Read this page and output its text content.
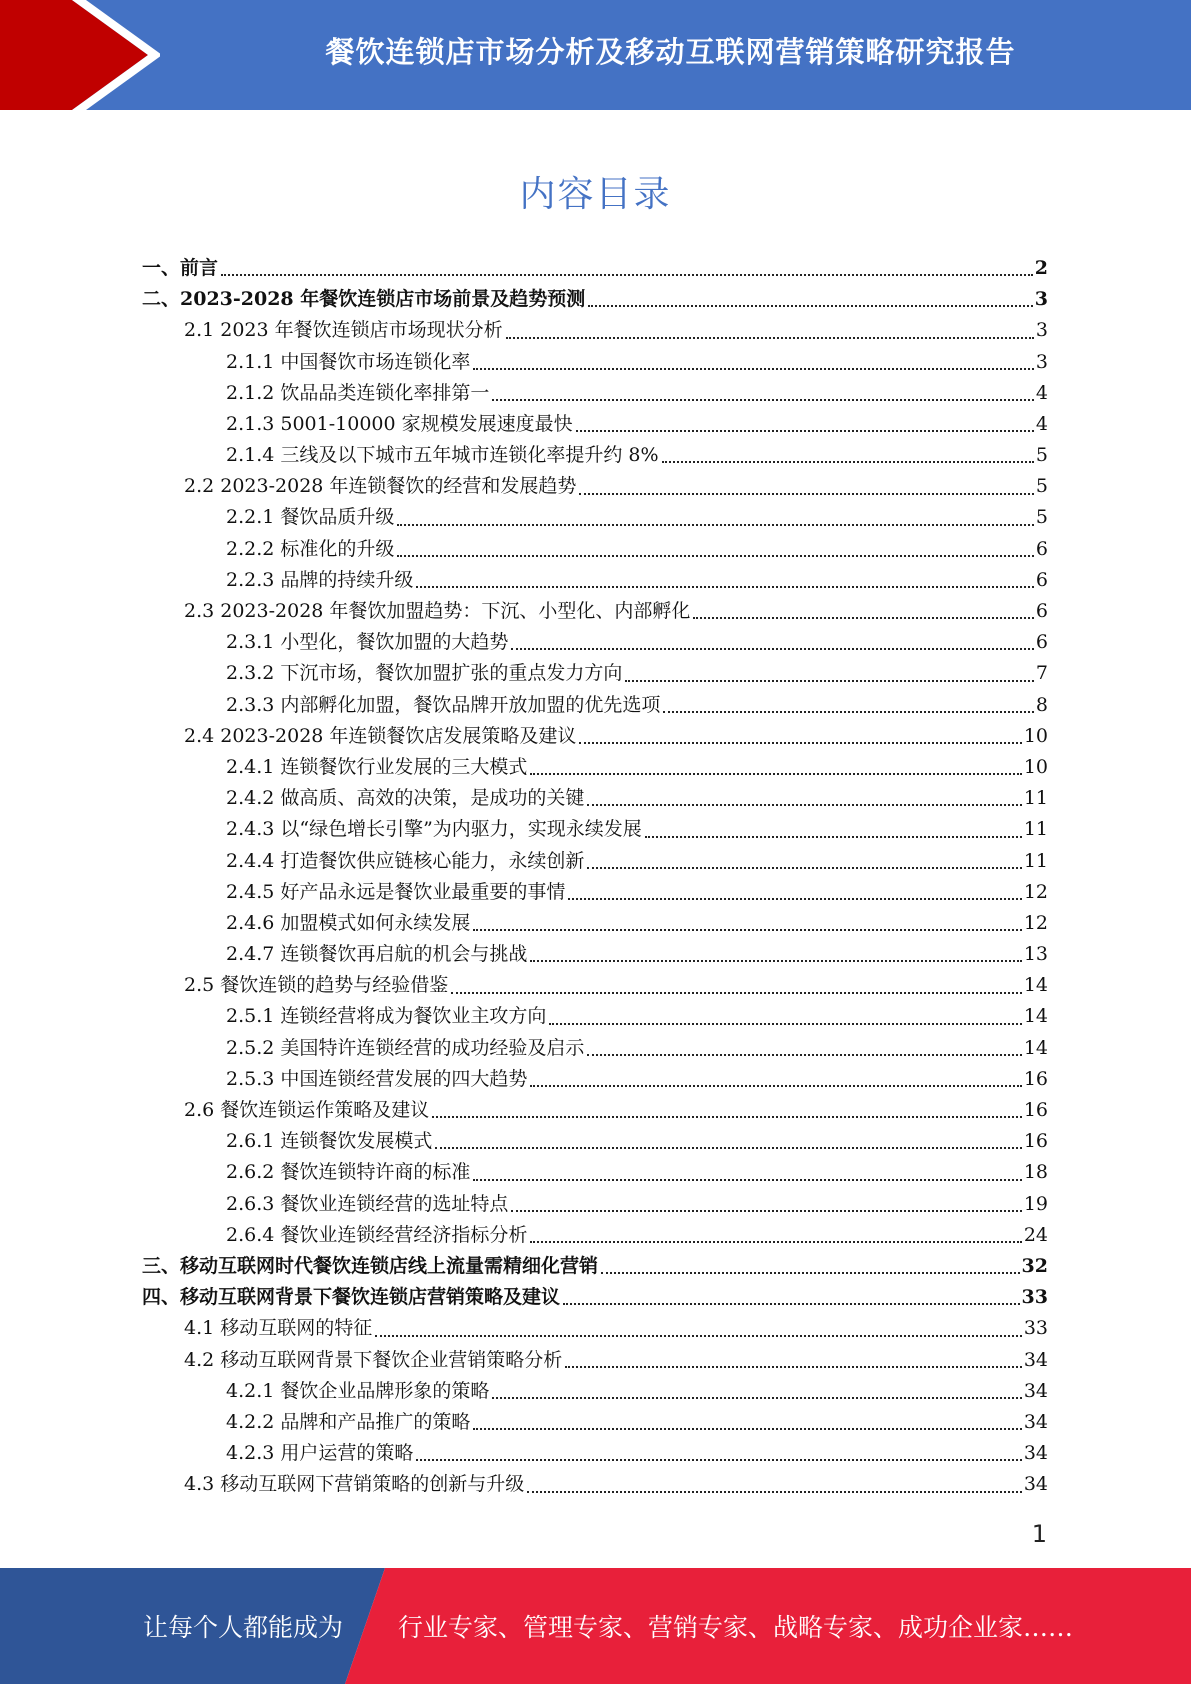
餐饮连锁店市场分析及移动互联网营销策略研究报告
内容目录
一、前言	2
二、2023-2028 年餐饮连锁店市场前景及趋势预测	3
2.1 2023 年餐饮连锁店市场现状分析	3
2.1.1 中国餐饮市场连锁化率	3
2.1.2 饮品品类连锁化率排第一	4
2.1.3 5001-10000 家规模发展速度最快	4
2.1.4 三线及以下城市五年城市连锁化率提升约 8%	5
2.2 2023-2028 年连锁餐饮的经营和发展趋势	5
2.2.1 餐饮品质升级	5
2.2.2 标准化的升级	6
2.2.3 品牌的持续升级	6
2.3 2023-2028 年餐饮加盟趋势：下沉、小型化、内部孵化	6
2.3.1 小型化，餐饮加盟的大趋势	6
2.3.2 下沉市场，餐饮加盟扩张的重点发力方向	7
2.3.3 内部孵化加盟，餐饮品牌开放加盟的优先选项	8
2.4 2023-2028 年连锁餐饮店发展策略及建议	10
2.4.1 连锁餐饮行业发展的三大模式	10
2.4.2 做高质、高效的决策，是成功的关键	11
2.4.3 以“绿色增长引擎”为内驱力，实现永续发展	11
2.4.4 打造餐饮供应链核心能力，永续创新	11
2.4.5 好产品永远是餐饮业最重要的事情	12
2.4.6 加盟模式如何永续发展	12
2.4.7 连锁餐饮再启航的机会与挑战	13
2.5 餐饮连锁的趋势与经验借鉴	14
2.5.1 连锁经营将成为餐饮业主攻方向	14
2.5.2 美国特许连锁经营的成功经验及启示	14
2.5.3 中国连锁经营发展的四大趋势	16
2.6 餐饮连锁运作策略及建议	16
2.6.1 连锁餐饮发展模式	16
2.6.2 餐饮连锁特许商的标准	18
2.6.3 餐饮业连锁经营的选址特点	19
2.6.4 餐饮业连锁经营经济指标分析	24
三、移动互联网时代餐饮连锁店线上流量需精细化营销	32
四、移动互联网背景下餐饮连锁店营销策略及建议	33
4.1 移动互联网的特征	33
4.2 移动互联网背景下餐饮企业营销策略分析	34
4.2.1 餐饮企业品牌形象的策略	34
4.2.2 品牌和产品推广的策略	34
4.2.3 用户运营的策略	34
4.3 移动互联网下营销策略的创新与升级	34
1
让每个人都能成为 行业专家、管理专家、营销专家、战略专家、成功企业家……
